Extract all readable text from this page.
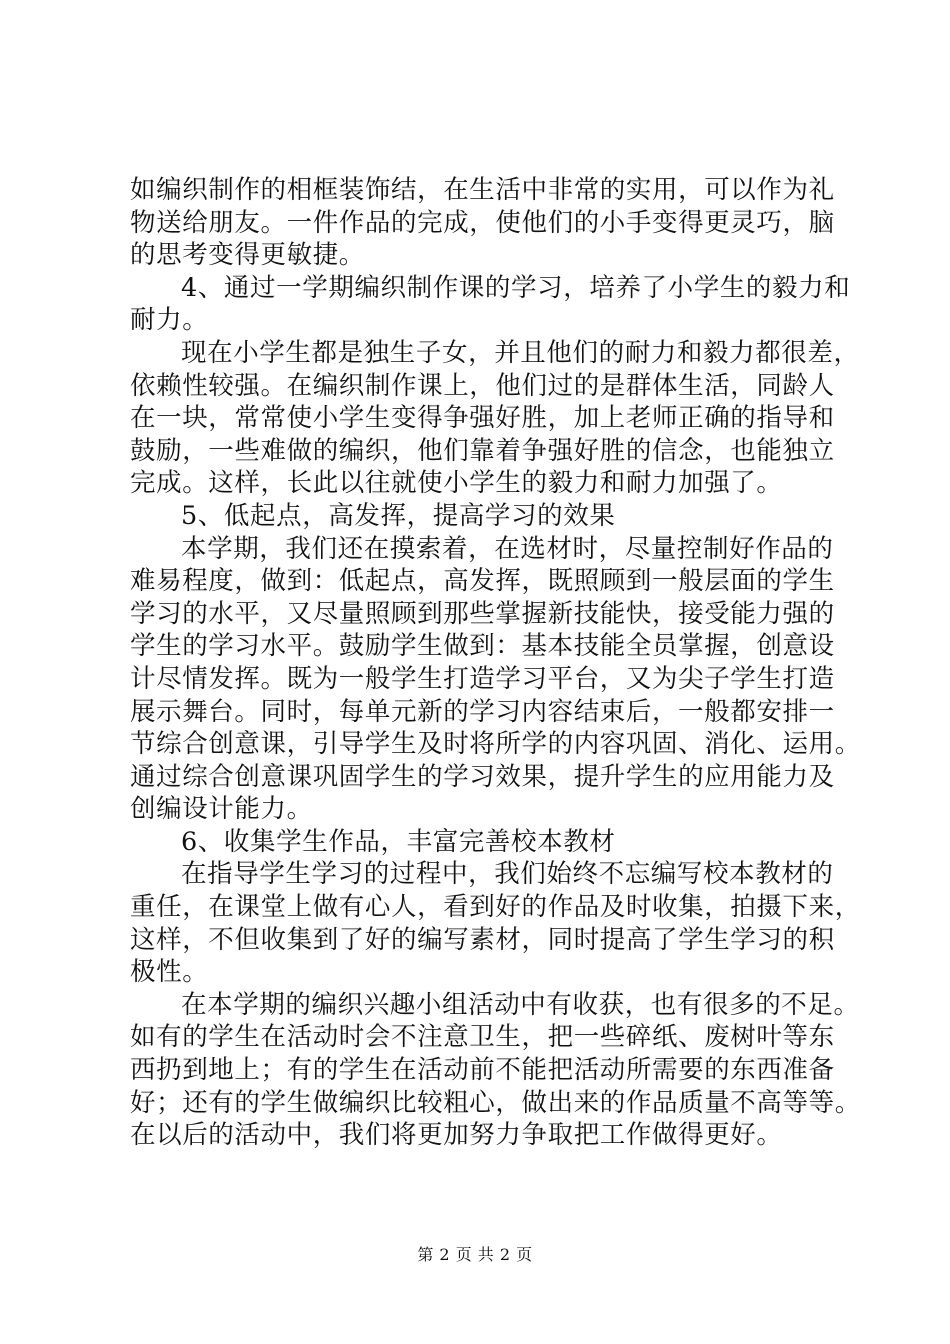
如编织制作的相框装饰结，在生活中非常的实用，可以作为礼
物送给朋友。一件作品的完成，使他们的小手变得更灵巧，脑
的思考变得更敏捷。
4、通过一学期编织制作课的学习，培养了小学生的毅力和
耐力。
现在小学生都是独生子女，并且他们的耐力和毅力都很差，
依赖性较强。在编织制作课上，他们过的是群体生活，同龄人
在一块，常常使小学生变得争强好胜，加上老师正确的指导和
鼓励，一些难做的编织，他们靠着争强好胜的信念，也能独立
完成。这样，长此以往就使小学生的毅力和耐力加强了。
5、低起点，高发挥，提高学习的效果
本学期，我们还在摸索着，在选材时，尽量控制好作品的
难易程度，做到：低起点，高发挥，既照顾到一般层面的学生
学习的水平，又尽量照顾到那些掌握新技能快，接受能力强的
学生的学习水平。鼓励学生做到：基本技能全员掌握，创意设
计尽情发挥。既为一般学生打造学习平台，又为尖子学生打造
展示舞台。同时，每单元新的学习内容结束后，一般都安排一
节综合创意课，引导学生及时将所学的内容巩固、消化、运用。
通过综合创意课巩固学生的学习效果，提升学生的应用能力及
创编设计能力。
6、收集学生作品，丰富完善校本教材
在指导学生学习的过程中，我们始终不忘编写校本教材的
重任，在课堂上做有心人，看到好的作品及时收集，拍摄下来，
这样，不但收集到了好的编写素材，同时提高了学生学习的积
极性。
在本学期的编织兴趣小组活动中有收获，也有很多的不足。
如有的学生在活动时会不注意卫生，把一些碎纸、废树叶等东
西扔到地上；有的学生在活动前不能把活动所需要的东西准备
好；还有的学生做编织比较粗心，做出来的作品质量不高等等。
在以后的活动中，我们将更加努力争取把工作做得更好。
第 2 页 共 2 页
